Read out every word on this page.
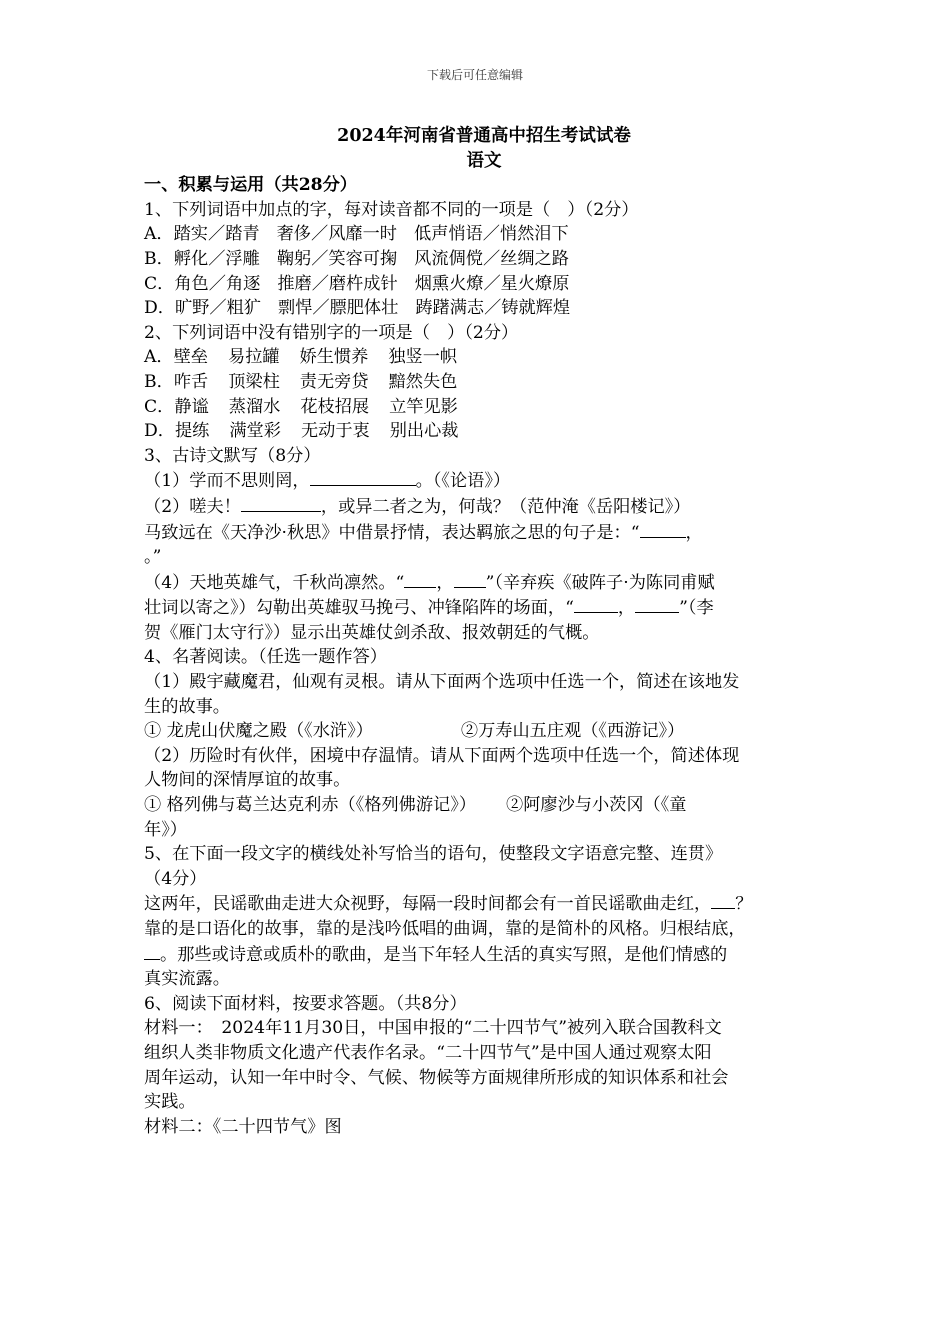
下载后可任意编辑
2024年河南省普通高中招生考试试卷
语文
一、积累与运用（共28分）
1、下列词语中加点的字，每对读音都不同的一项是（　）（2分）
A．踏实／踏青 奢侈／风靡一时 低声悄语／悄然泪下
B．孵化／浮雕 鞠躬／笑容可掬 风流倜傥／丝绸之路
C．角色／角逐 推磨／磨杵成针 烟熏火燎／星火燎原
D．旷野／粗犷 剽悍／膘肥体壮 踌躇满志／铸就辉煌
2、下列词语中没有错别字的一项是（　）（2分）
A．壁垒 易拉罐 娇生惯养 独竖一帜
B．咋舌 顶梁柱 责无旁贷 黯然失色
C．静谧 蒸溜水 花枝招展 立竿见影
D．提练 满堂彩 无动于衷 别出心裁
3、古诗文默写（8分）
（1）学而不思则罔，	。（《论语》）
（2）嗟夫！	，或异二者之为，何哉？（范仲淹《岳阳楼记》）
马致远在《天净沙·秋思》中借景抒情，表达羁旅之思的句子是：“	，
。”
（4）天地英雄气，千秋尚凛然。“ ， ”（辛弃疾《破阵子·为陈同甫赋
壮词以寄之》）勾勒出英雄驭马挽弓、冲锋陷阵的场面，“	，	”（李
贺《雁门太守行》）显示出英雄仗剑杀敌、报效朝廷的气概。
4、名著阅读。（任选一题作答）
（1）殿宇藏魔君，仙观有灵根。请从下面两个选项中任选一个，简述在该地发
生的故事。
① 龙虎山伏魔之殿（《水浒》）	②万寿山五庄观（《西游记》）
（2）历险时有伙伴，困境中存温情。请从下面两个选项中任选一个，简述体现
人物间的深情厚谊的故事。
① 格列佛与葛兰达克利赤（《格列佛游记》） ②阿廖沙与小茨冈（《童
年》）
5、在下面一段文字的横线处补写恰当的语句，使整段文字语意完整、连贯》
（4分）
这两年，民谣歌曲走进大众视野，每隔一段时间都会有一首民谣歌曲走红， ？
靠的是口语化的故事，靠的是浅吟低唱的曲调，靠的是简朴的风格。归根结底，
。那些或诗意或质朴的歌曲，是当下年轻人生活的真实写照，是他们情感的
真实流露。
6、阅读下面材料，按要求答题。（共8分）
材料一：　2024年11月30日，中国申报的“二十四节气”被列入联合国教科文
组织人类非物质文化遗产代表作名录。“二十四节气”是中国人通过观察太阳
周年运动，认知一年中时令、气候、物候等方面规律所形成的知识体系和社会
实践。
材料二：《二十四节气》图
